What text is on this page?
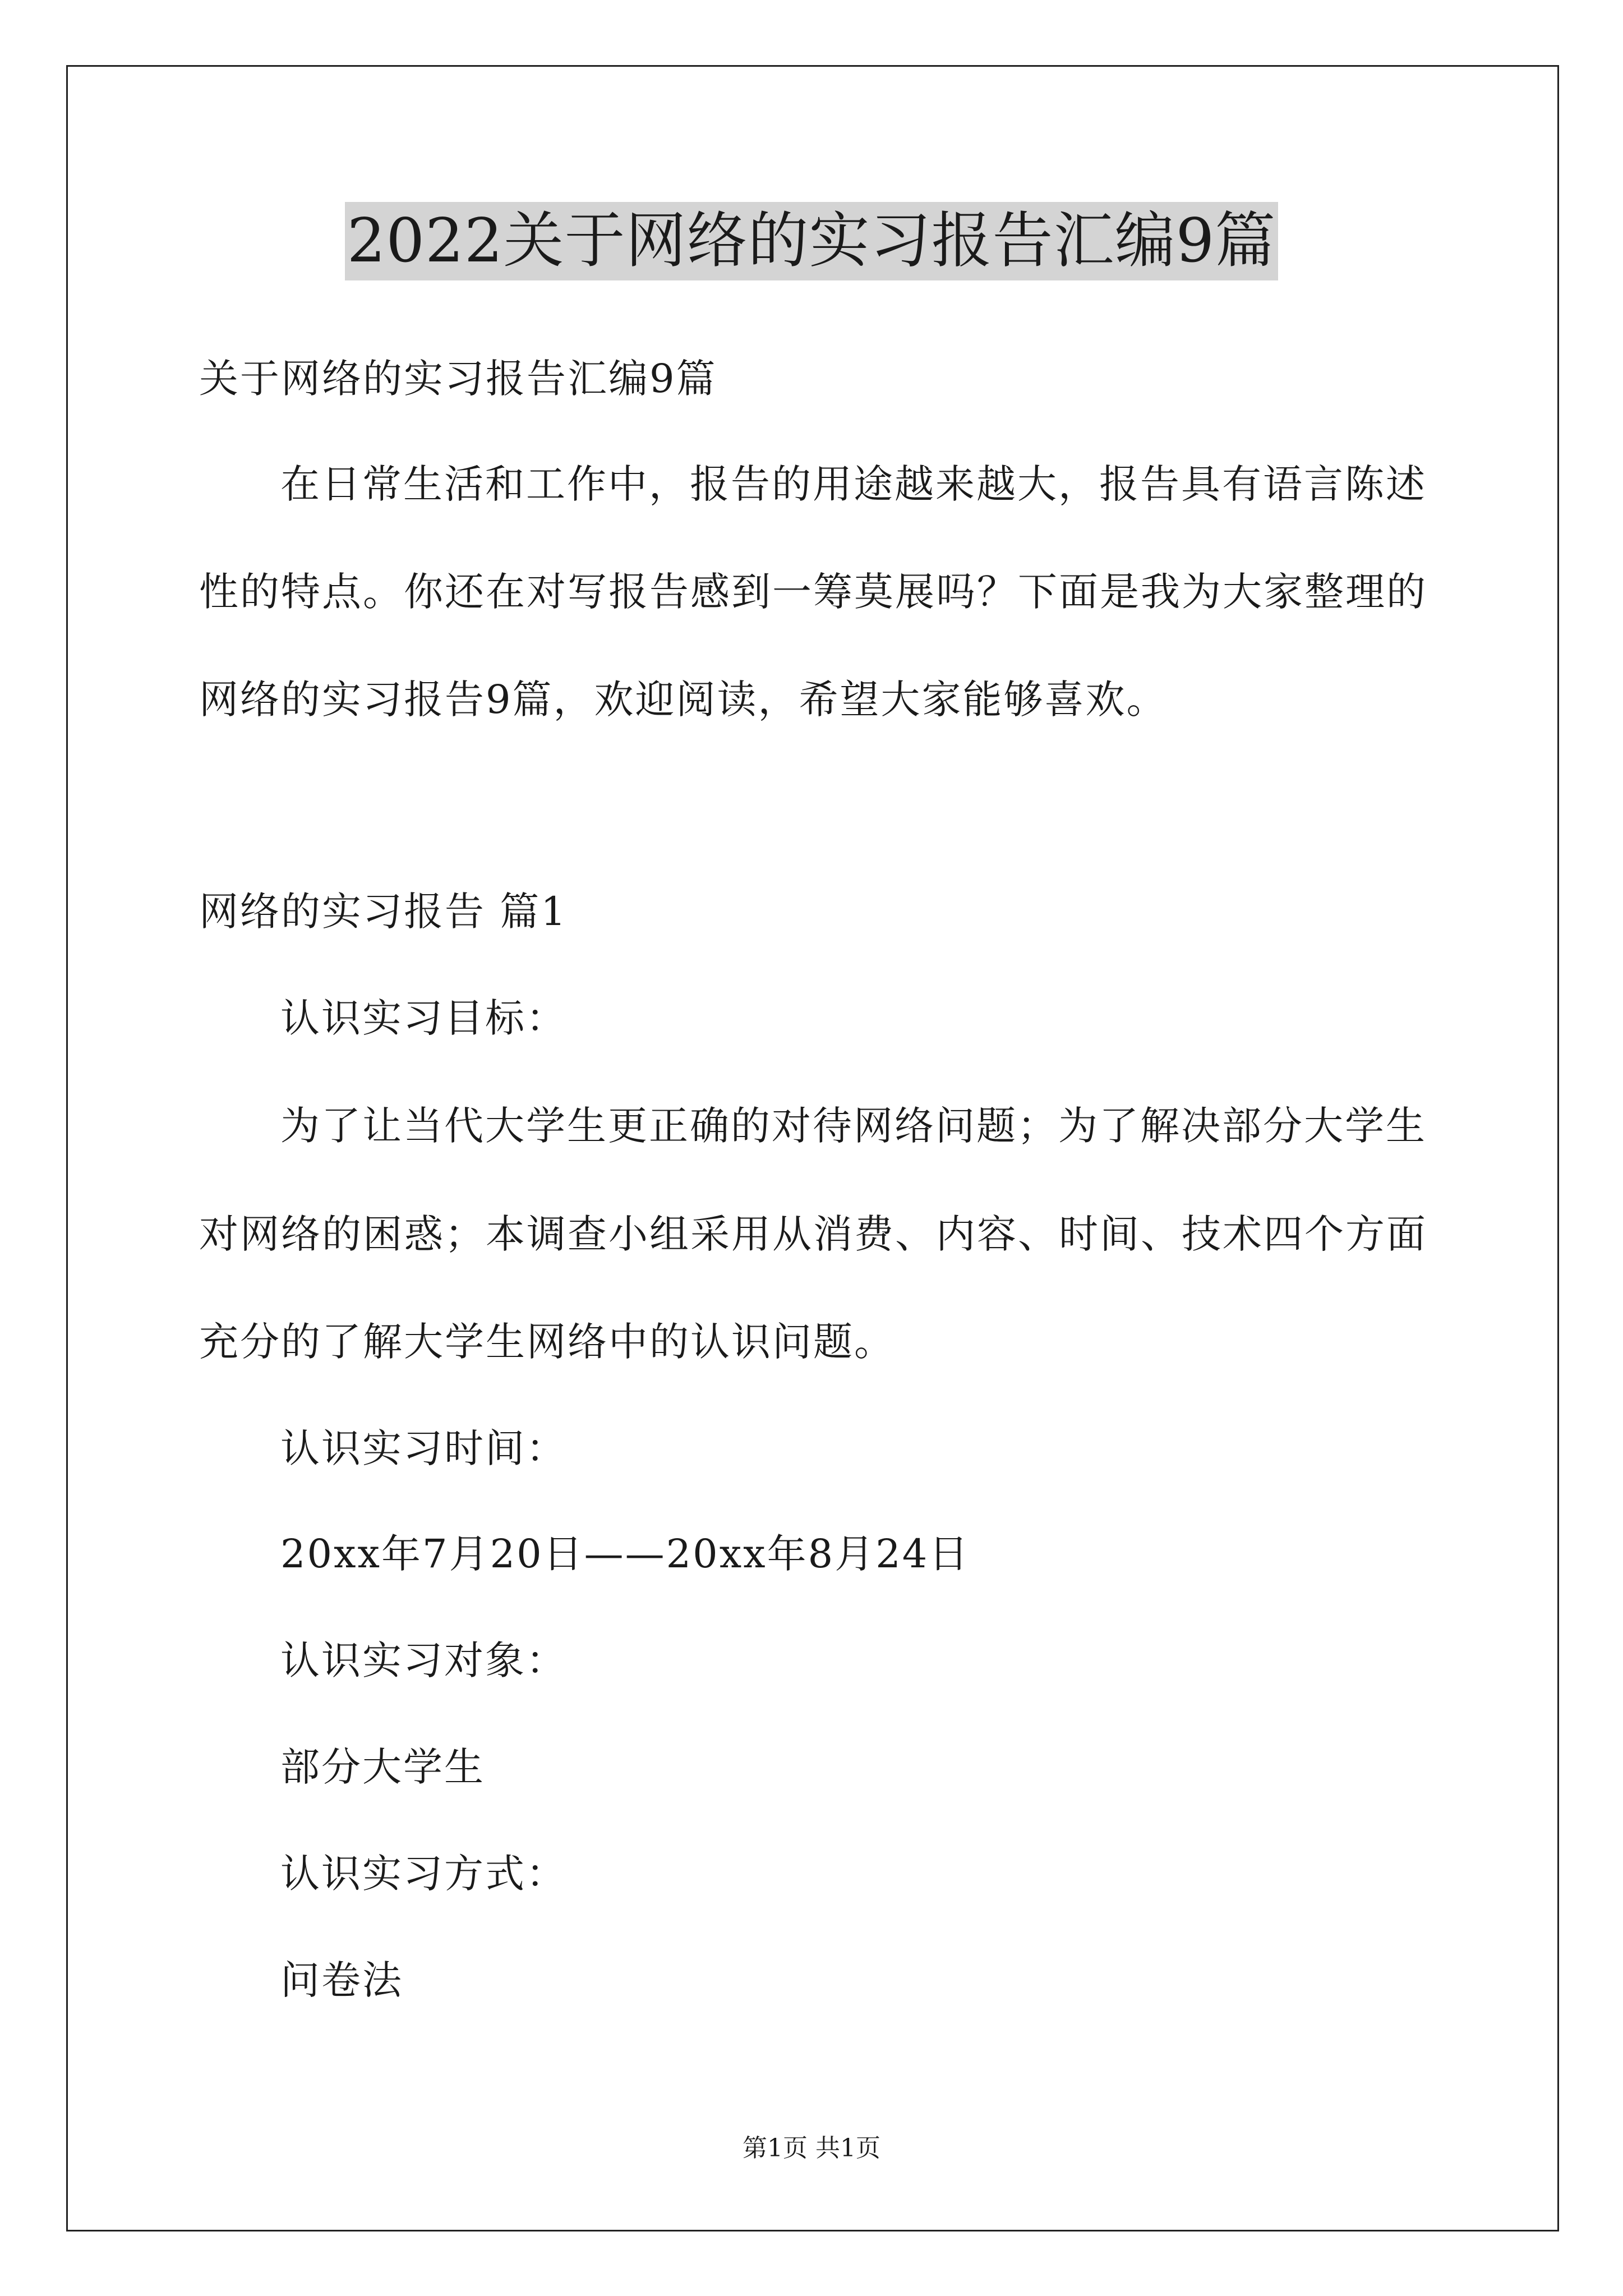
2022关于网络的实习报告汇编9篇
关于网络的实习报告汇编9篇
在日常生活和工作中，报告的用途越来越大，报告具有语言陈述
性的特点。你还在对写报告感到一筹莫展吗？下面是我为大家整理的
网络的实习报告9篇，欢迎阅读，希望大家能够喜欢。
网络的实习报告 篇1
认识实习目标：
为了让当代大学生更正确的对待网络问题；为了解决部分大学生
对网络的困惑；本调查小组采用从消费、内容、时间、技术四个方面
充分的了解大学生网络中的认识问题。
认识实习时间：
20xx年7月20日——20xx年8月24日
认识实习对象：
部分大学生
认识实习方式：
问卷法
第1页 共1页
